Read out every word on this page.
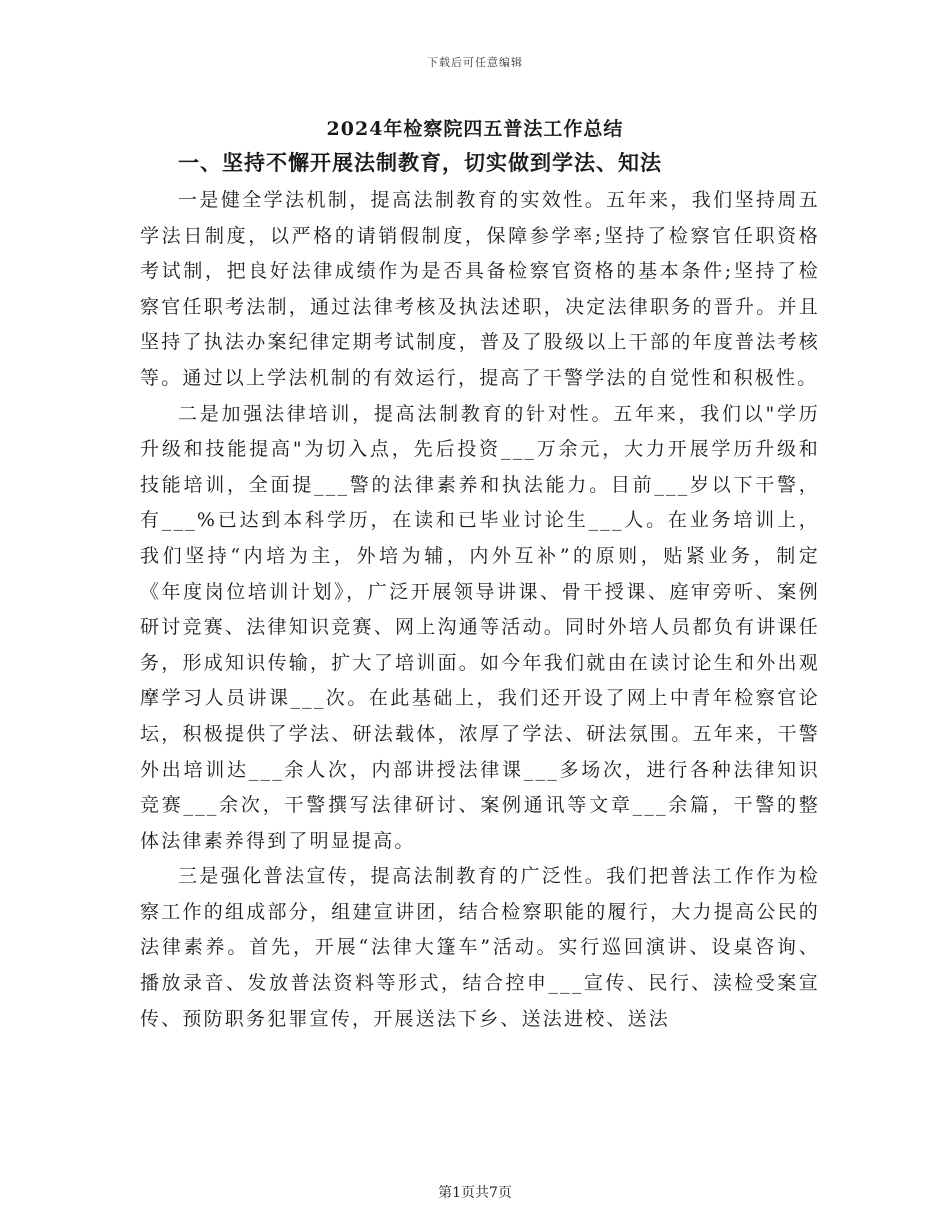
下载后可任意编辑
2024年检察院四五普法工作总结
一、坚持不懈开展法制教育，切实做到学法、知法

一是健全学法机制，提高法制教育的实效性。五年来，我们坚持周五学法日制度，以严格的请销假制度，保障参学率;坚持了检察官任职资格考试制，把良好法律成绩作为是否具备检察官资格的基本条件;坚持了检察官任职考法制，通过法律考核及执法述职，决定法律职务的晋升。并且坚持了执法办案纪律定期考试制度，普及了股级以上干部的年度普法考核等。通过以上学法机制的有效运行，提高了干警学法的自觉性和积极性。

二是加强法律培训，提高法制教育的针对性。五年来，我们以"学历升级和技能提高"为切入点，先后投资___万余元，大力开展学历升级和技能培训，全面提___警的法律素养和执法能力。目前___岁以下干警，有___%已达到本科学历，在读和已毕业讨论生___人。在业务培训上，我们坚持“内培为主，外培为辅，内外互补”的原则，贴紧业务，制定《年度岗位培训计划》，广泛开展领导讲课、骨干授课、庭审旁听、案例研讨竞赛、法律知识竞赛、网上沟通等活动。同时外培人员都负有讲课任务，形成知识传输，扩大了培训面。如今年我们就由在读讨论生和外出观摩学习人员讲课___次。在此基础上，我们还开设了网上中青年检察官论坛，积极提供了学法、研法载体，浓厚了学法、研法氛围。五年来，干警外出培训达___余人次，内部讲授法律课___多场次，进行各种法律知识竞赛___余次，干警撰写法律研讨、案例通讯等文章___余篇，干警的整体法律素养得到了明显提高。

三是强化普法宣传，提高法制教育的广泛性。我们把普法工作作为检察工作的组成部分，组建宣讲团，结合检察职能的履行，大力提高公民的法律素养。首先，开展“法律大篷车”活动。实行巡回演讲、设桌咨询、播放录音、发放普法资料等形式，结合控申___宣传、民行、渎检受案宣传、预防职务犯罪宣传，开展送法下乡、送法进校、送法

第1页共7页
